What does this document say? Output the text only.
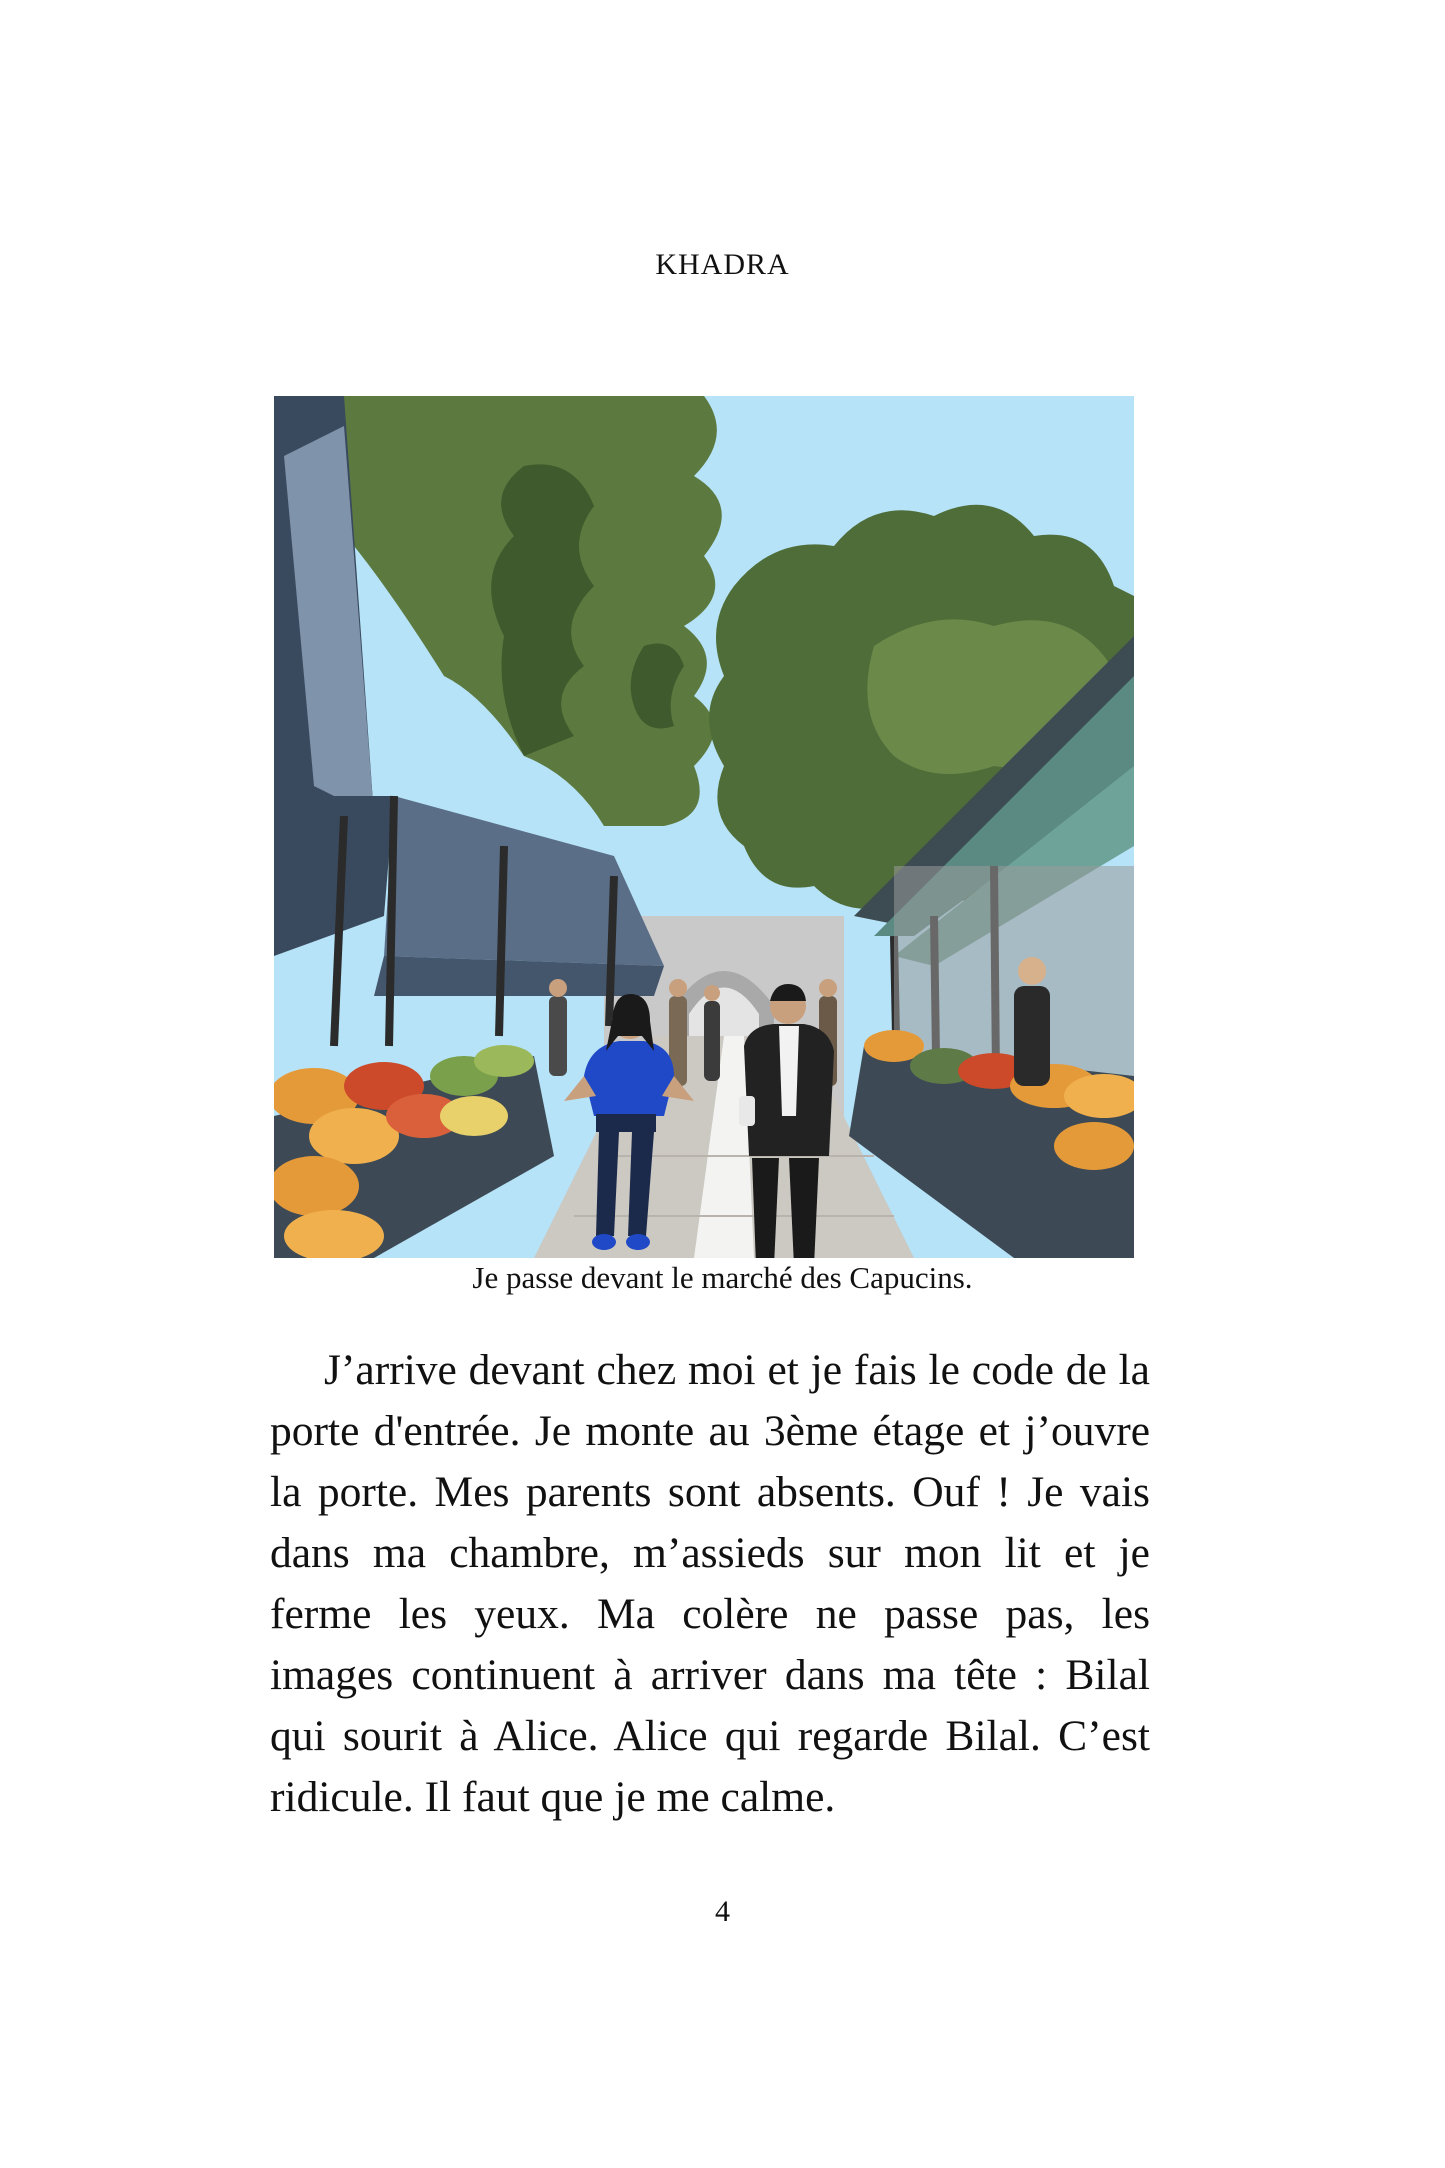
KHADRA
Je passe devant le marché des Capucins.

J’arrive devant chez moi et je fais le code de la porte d'entrée. Je monte au 3ème étage et j’ouvre la porte. Mes parents sont absents. Ouf ! Je vais dans ma chambre, m’assieds sur mon lit et je ferme les yeux. Ma colère ne passe pas, les images continuent à arriver dans ma tête : Bilal qui sourit à Alice. Alice qui regarde Bilal. C’est ridicule. Il faut que je me calme.

4
